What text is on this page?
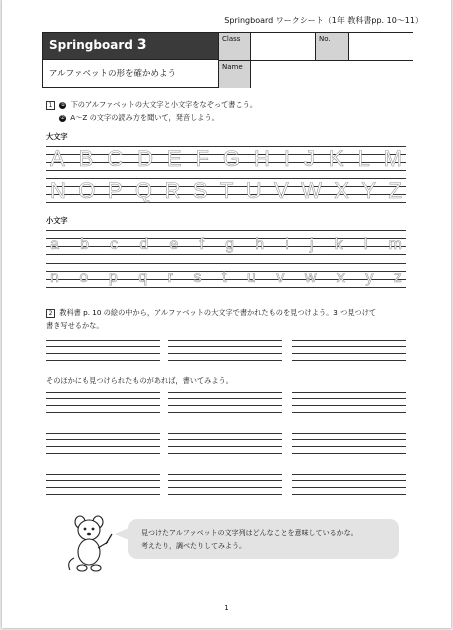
Springboard ワークシート（1年 教科書pp. 10～11）
Springboard 3
アルファベットの形を確かめよう
Class	No.
Name
1 ① 下のアルファベットの大文字と小文字をなぞって書こう。
② A～Z の文字の読み方を聞いて，発音しよう。
大文字
A B C D E F G H I J K L M
N O P Q R S T U V W X Y Z
小文字
a b c d e f g h i j k l m
n o p q r s t u v w x y z
2 教科書 p. 10 の絵の中から，アルファベットの大文字で書かれたものを見つけよう。3 つ見つけて
書き写せるかな。
そのほかにも見つけられたものがあれば，書いてみよう。
見つけたアルファベットの文字列はどんなことを意味しているかな。
考えたり，調べたりしてみよう。
1
